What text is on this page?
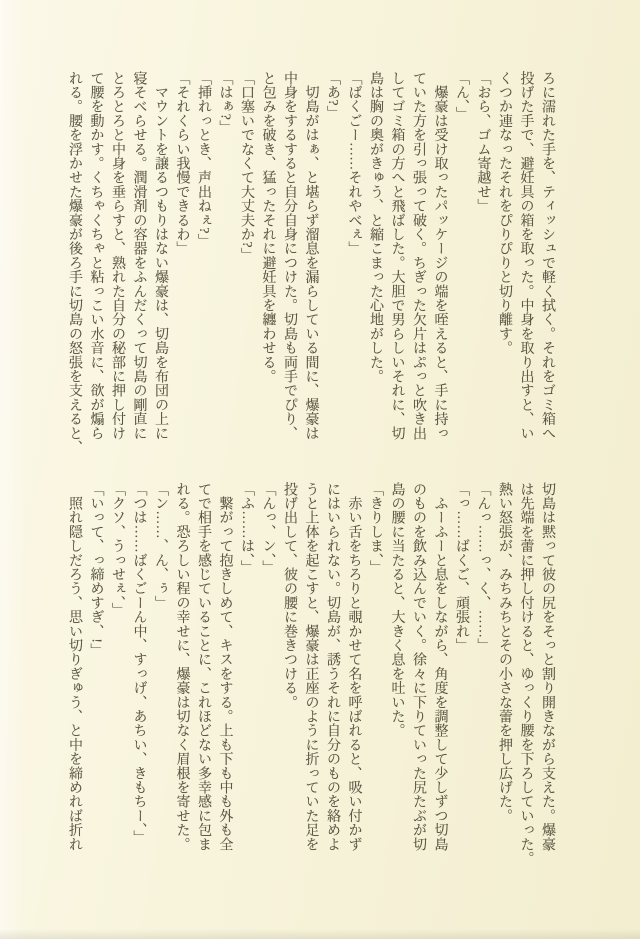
ろに濡れた手を、ティッシュで軽く拭く。それをゴミ箱へ

投げた手で、避妊具の箱を取った。中身を取り出すと、い

くつか連なったそれをぴりぴりと切り離す。

「おら、ゴム寄越せ」

「ん、」

　爆豪は受け取ったパッケージの端を咥えると、手に持っ

ていた方を引っ張って破く。ちぎった欠片はぷっと吹き出

してゴミ箱の方へと飛ばした。大胆で男らしいそれに、切

島は胸の奥がきゅう、と縮こまった心地がした。

「ばくごー……それやべぇ」

「あ?」

　切島がはぁ、と堪らず溜息を漏らしている間に、爆豪は

中身をするすると自分自身につけた。切島も両手でぴり、

と包みを破き、猛ったそれに避妊具を纏わせる。

「口塞いでなくて大丈夫か?」

「はぁ?」

「挿れっとき、声出ねぇ?」

「それくらい我慢できるわ」

　マウントを譲るつもりはない爆豪は、切島を布団の上に

寝そべらせる。潤滑剤の容器をふんだくって切島の剛直に

とろとろと中身を垂らすと、熟れた自分の秘部に押し付け

て腰を動かす。くちゃくちゃと粘っこい水音に、欲が煽ら

れる。腰を浮かせた爆豪が後ろ手に切島の怒張を支えると、

切島は黙って彼の尻をそっと割り開きながら支えた。爆豪

は先端を蕾に押し付けると、ゆっくり腰を下ろしていった。

熱い怒張が、みちみちとその小さな蕾を押し広げた。

「んっ……っ、く、……」

「っ……ばくご、頑張れ」

　ふーふーと息をしながら、角度を調整して少しずつ切島

のものを飲み込んでいく。徐々に下りていった尻たぶが切

島の腰に当たると、大きく息を吐いた。

「きりしま、」

　赤い舌をちろりと覗かせて名を呼ばれると、吸い付かず

にはいられない。切島が、誘うそれに自分のものを絡めよ

うと上体を起こすと、爆豪は正座のように折っていた足を

投げ出して、彼の腰に巻きつける。

「んっ、ン、」

「ふ……は、」

　繋がって抱きしめて、キスをする。上も下も中も外も全

てで相手を感じていることに、これほどない多幸感に包ま

れる。恐ろしい程の幸せに、爆豪は切なく眉根を寄せた。

「ン……、ん、ぅ」

「つは……ばくごーん中、すっげ、あちい、きもちー、」

「クソ、うっせぇ、」

「いって、っ締めすぎ、!」

　照れ隠しだろう、思い切りぎゅう、と中を締めれば折れ
